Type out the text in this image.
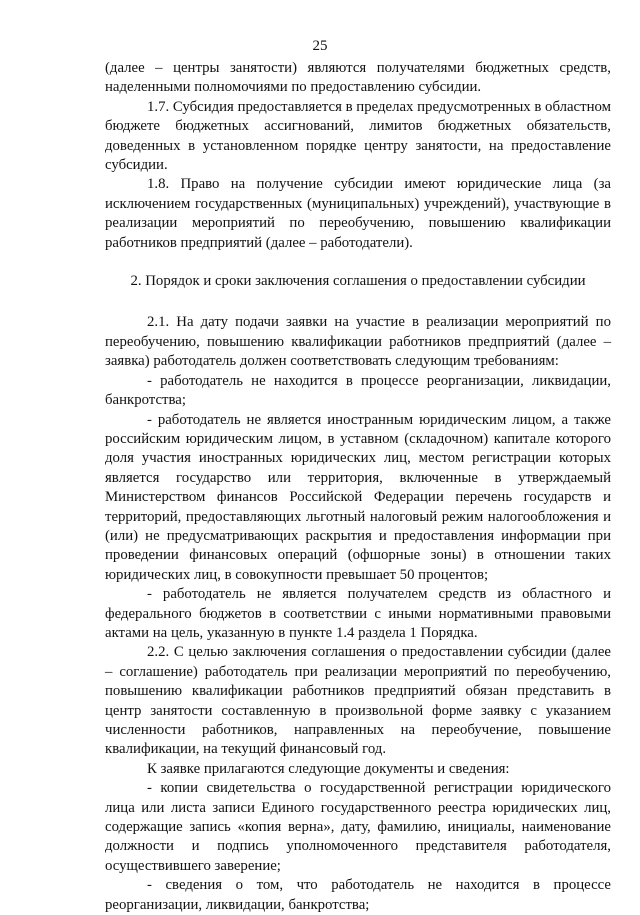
25

(далее – центры занятости) являются получателями бюджетных средств, наделенными полномочиями по предоставлению субсидии.

1.7. Субсидия предоставляется в пределах предусмотренных в областном бюджете бюджетных ассигнований, лимитов бюджетных обязательств, доведенных в установленном порядке центру занятости, на предоставление субсидии.

1.8. Право на получение субсидии имеют юридические лица (за исключением государственных (муниципальных) учреждений), участвующие в реализации мероприятий по переобучению, повышению квалификации работников предприятий (далее – работодатели).

2. Порядок и сроки заключения соглашения о предоставлении субсидии

2.1. На дату подачи заявки на участие в реализации мероприятий по переобучению, повышению квалификации работников предприятий (далее – заявка) работодатель должен соответствовать следующим требованиям:

- работодатель не находится в процессе реорганизации, ликвидации, банкротства;

- работодатель не является иностранным юридическим лицом, а также российским юридическим лицом, в уставном (складочном) капитале которого доля участия иностранных юридических лиц, местом регистрации которых является государство или территория, включенные в утверждаемый Министерством финансов Российской Федерации перечень государств и территорий, предоставляющих льготный налоговый режим налогообложения и (или) не предусматривающих раскрытия и предоставления информации при проведении финансовых операций (офшорные зоны) в отношении таких юридических лиц, в совокупности превышает 50 процентов;

- работодатель не является получателем средств из областного и федерального бюджетов в соответствии с иными нормативными правовыми актами на цель, указанную в пункте 1.4 раздела 1 Порядка.

2.2. С целью заключения соглашения о предоставлении субсидии (далее – соглашение) работодатель при реализации мероприятий по переобучению, повышению квалификации работников предприятий обязан представить в центр занятости составленную в произвольной форме заявку с указанием численности работников, направленных на переобучение, повышение квалификации, на текущий финансовый год.

К заявке прилагаются следующие документы и сведения:

- копии свидетельства о государственной регистрации юридического лица или листа записи Единого государственного реестра юридических лиц, содержащие запись «копия верна», дату, фамилию, инициалы, наименование должности и подпись уполномоченного представителя работодателя, осуществившего заверение;

- сведения о том, что работодатель не находится в процессе реорганизации, ликвидации, банкротства;
